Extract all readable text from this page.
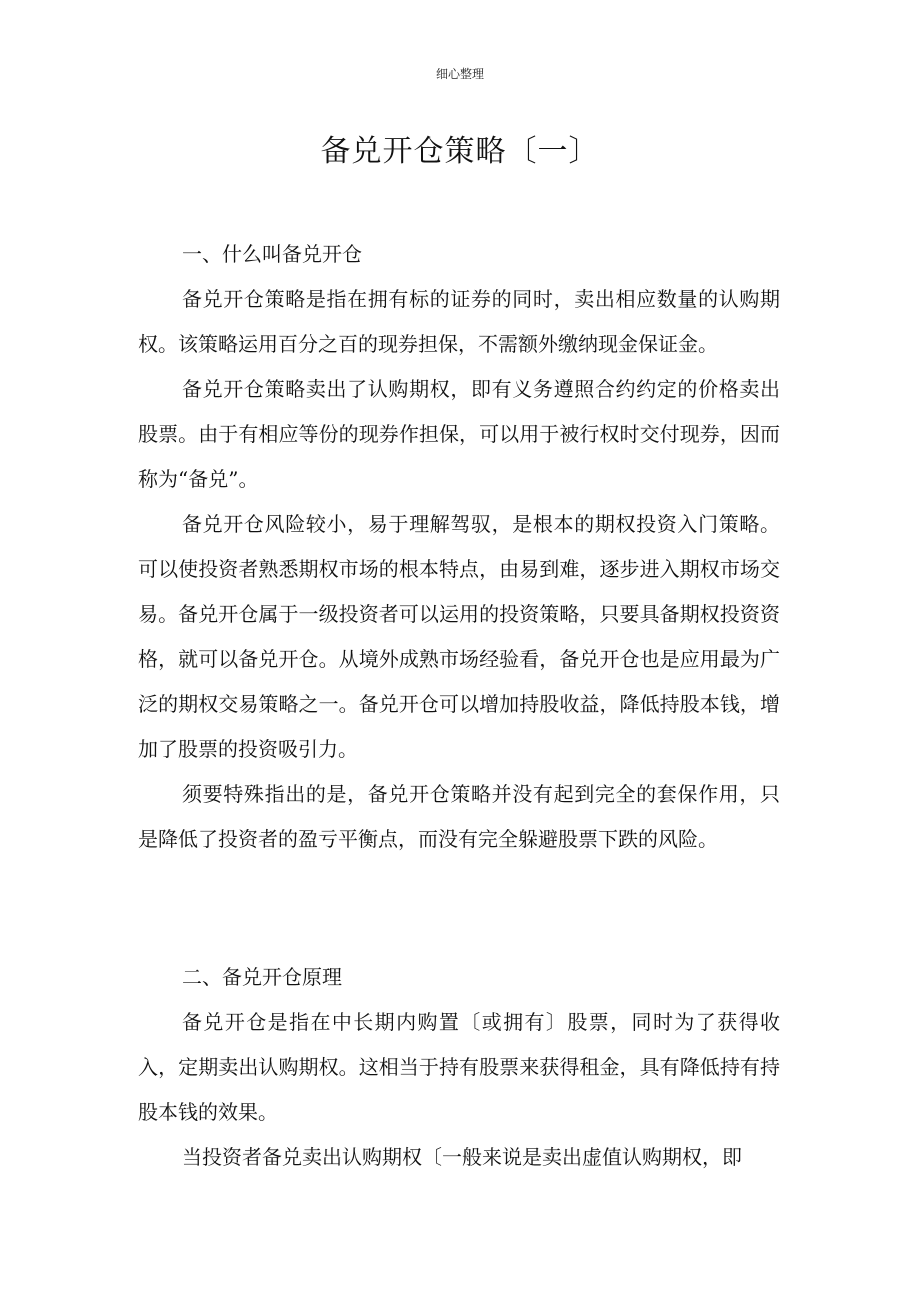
细心整理
备兑开仓策略〔一〕

一、什么叫备兑开仓

备兑开仓策略是指在拥有标的证券的同时，卖出相应数量的认购期权。该策略运用百分之百的现券担保，不需额外缴纳现金保证金。

备兑开仓策略卖出了认购期权，即有义务遵照合约约定的价格卖出股票。由于有相应等份的现券作担保，可以用于被行权时交付现券，因而称为“备兑”。

备兑开仓风险较小，易于理解驾驭，是根本的期权投资入门策略。可以使投资者熟悉期权市场的根本特点，由易到难，逐步进入期权市场交易。备兑开仓属于一级投资者可以运用的投资策略，只要具备期权投资资格，就可以备兑开仓。从境外成熟市场经验看，备兑开仓也是应用最为广泛的期权交易策略之一。备兑开仓可以增加持股收益，降低持股本钱，增加了股票的投资吸引力。

须要特殊指出的是，备兑开仓策略并没有起到完全的套保作用，只是降低了投资者的盈亏平衡点，而没有完全躲避股票下跌的风险。

二、备兑开仓原理

备兑开仓是指在中长期内购置〔或拥有〕股票，同时为了获得收入，定期卖出认购期权。这相当于持有股票来获得租金，具有降低持有持股本钱的效果。

当投资者备兑卖出认购期权〔一般来说是卖出虚值认购期权，即
